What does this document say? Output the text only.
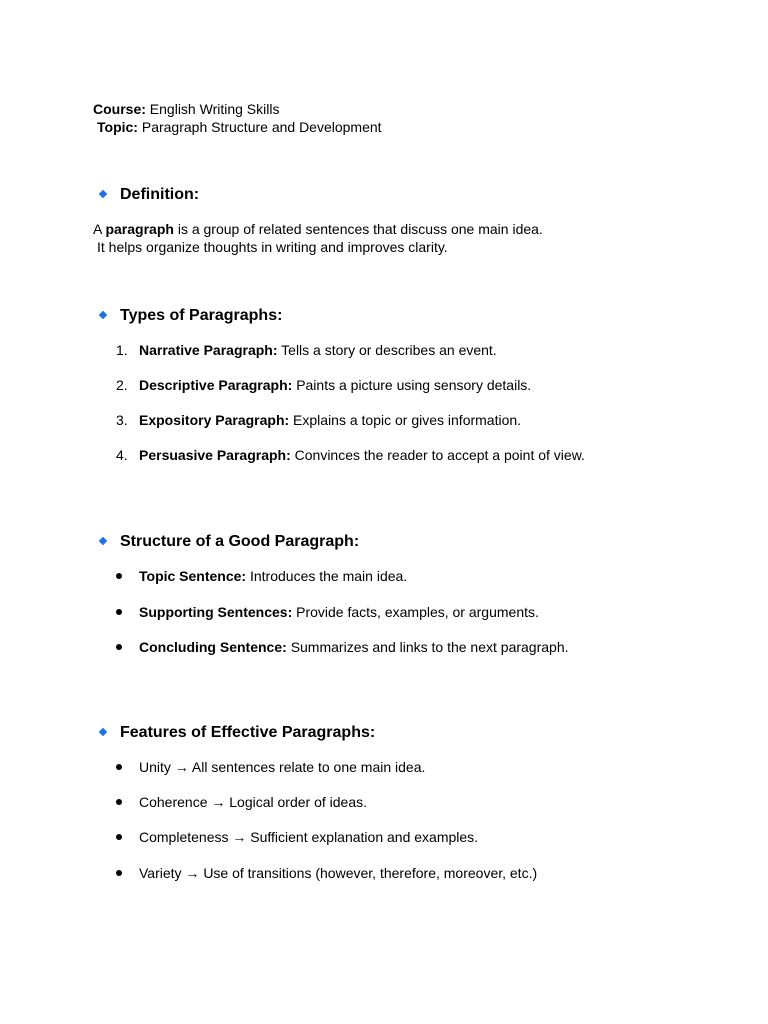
Course: English Writing Skills
Topic: Paragraph Structure and Development
Definition:
A paragraph is a group of related sentences that discuss one main idea.
It helps organize thoughts in writing and improves clarity.
Types of Paragraphs:
1. Narrative Paragraph: Tells a story or describes an event.
2. Descriptive Paragraph: Paints a picture using sensory details.
3. Expository Paragraph: Explains a topic or gives information.
4. Persuasive Paragraph: Convinces the reader to accept a point of view.
Structure of a Good Paragraph:
Topic Sentence: Introduces the main idea.
Supporting Sentences: Provide facts, examples, or arguments.
Concluding Sentence: Summarizes and links to the next paragraph.
Features of Effective Paragraphs:
Unity → All sentences relate to one main idea.
Coherence → Logical order of ideas.
Completeness → Sufficient explanation and examples.
Variety → Use of transitions (however, therefore, moreover, etc.)
